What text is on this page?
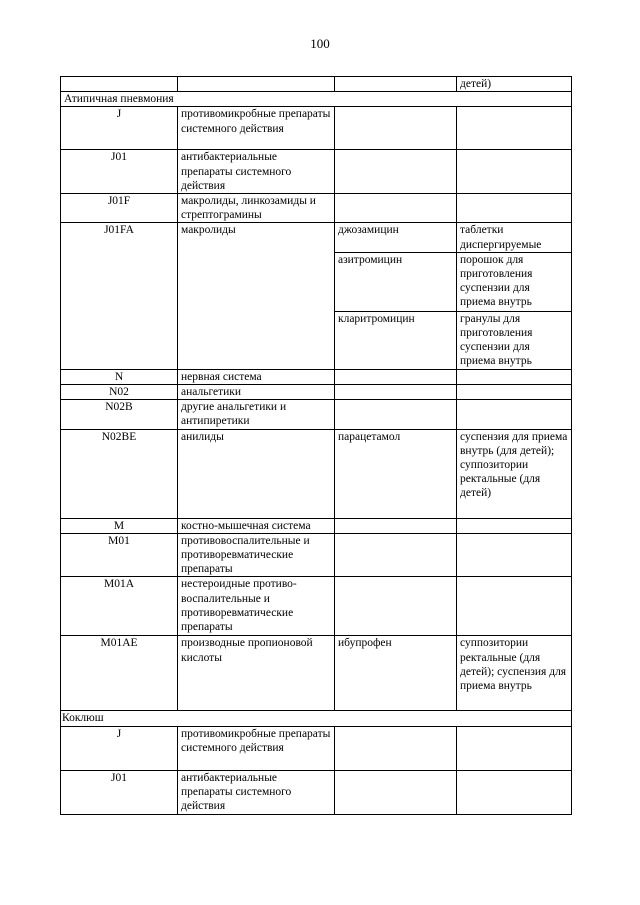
100
			детей)
Атипичная пневмония			
J	противомикробные препараты системного действия		
J01	антибактериальные препараты системного действия		
J01F	макролиды, линкозамиды и стрептограмины		
J01FA	макролиды	джозамицин	таблетки диспергируемые
		азитромицин	порошок для приготовления суспензии для приема внутрь
		кларитромицин	гранулы для приготовления суспензии для приема внутрь
N	нервная система		
N02	анальгетики		
N02B	другие анальгетики и антипиретики		
N02BE	анилиды	парацетамол	суспензия для приема внутрь (для детей); суппозитории ректальные (для детей)
M	костно-мышечная система		
M01	противовоспалительные и противоревматические препараты		
M01A	нестероидные противо-воспалительные и противоревматические препараты		
M01AE	производные пропионовой кислоты	ибупрофен	суппозитории ректальные (для детей); суспензия для приема внутрь
Коклюш			
J	противомикробные препараты системного действия		
J01	антибактериальные препараты системного действия		
